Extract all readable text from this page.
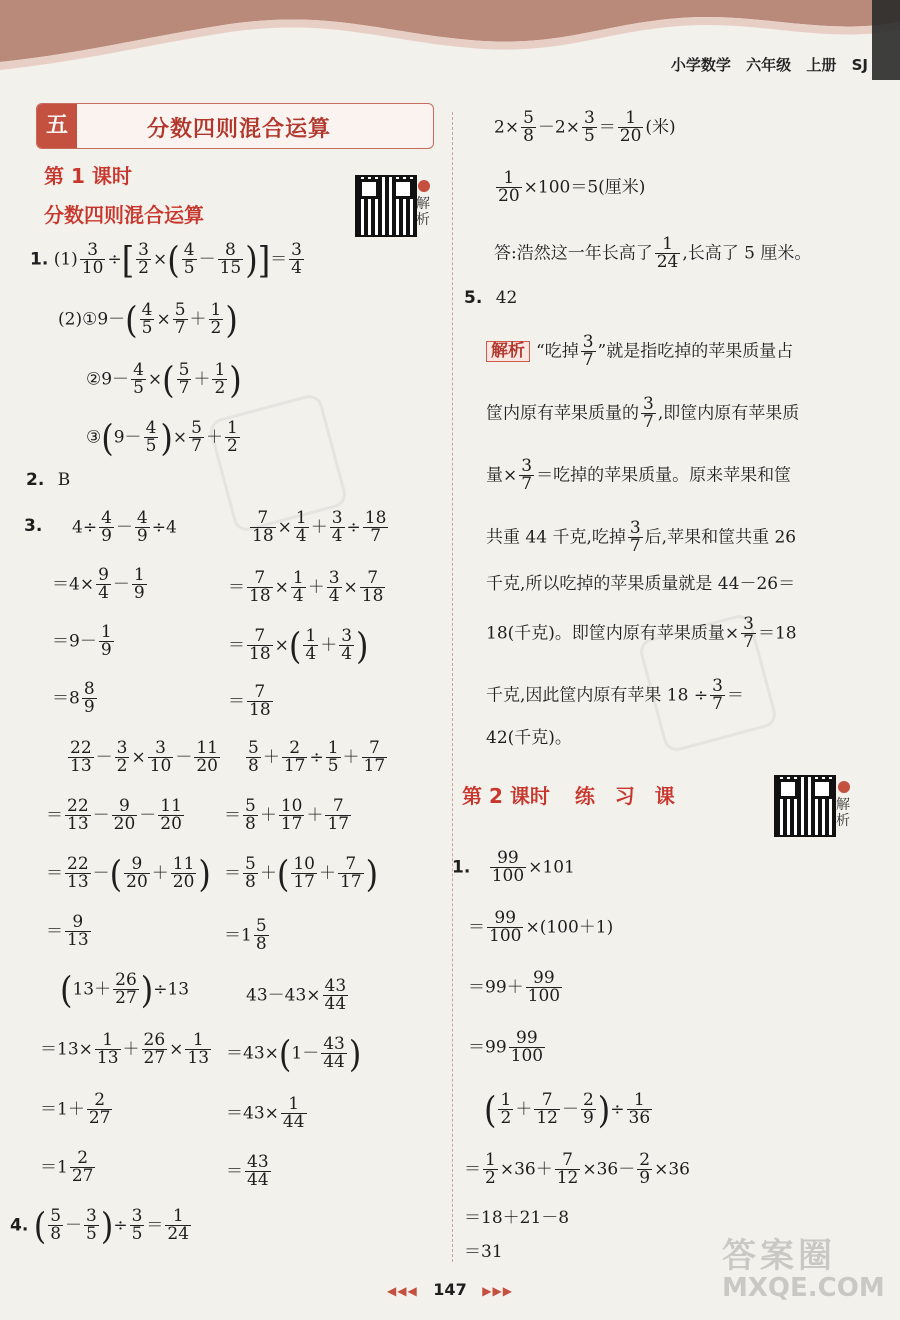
小学数学 六年级 上册 SJ
五	分数四则混合运算
第 1 课时
分数四则混合运算	解析
1. $(1) \frac{3}{10}$ ÷[ $\frac{3}{2}$ ×( $\frac{4}{5} - \frac{8}{15}$ )]＝ $\frac{3}{4}$
(2)①9－( $\frac{4}{5} \times \frac{5}{7} + \frac{1}{2}$ )
②9－ $\frac{4}{5}$ ×( $\frac{5}{7} + \frac{1}{2}$ )
③(9－ $\frac{4}{5}$ )× $\frac{5}{7} + \frac{1}{2}$
2. B
3. $4\div \frac{4}{9} - \frac{4}{9} \div 4$
$=4\times \frac{9}{4} - \frac{1}{9}$
$=9- \frac{1}{9}$
$=8 \frac{8}{9}$
$\frac{7}{18} \times \frac{1}{4} + \frac{3}{4} \div \frac{18}{7}$
＝ $\frac{7}{18} \times \frac{1}{4} + \frac{3}{4} \times \frac{7}{18}$
＝ $\frac{7}{18}$ ×( $\frac{1}{4} + \frac{3}{4}$ )
＝ $\frac{7}{18}$
$\frac{22}{13} - \frac{3}{2} \times \frac{3}{10} - \frac{11}{20}$
＝ $\frac{22}{13} - \frac{9}{20} - \frac{11}{20}$
＝ $\frac{22}{13}$ －( $\frac{9}{20} + \frac{11}{20}$ )
＝ $\frac{9}{13}$
$\frac{5}{8} + \frac{2}{17} \div \frac{1}{5} + \frac{7}{17}$
＝ $\frac{5}{8} + \frac{10}{17} + \frac{7}{17}$
＝ $\frac{5}{8}$ ＋( $\frac{10}{17} + \frac{7}{17}$ )
$=1 \frac{5}{8}$
$(13+ \frac{26}{27} )\div 13$
$=13\times \frac{1}{13} + \frac{26}{27} \times \frac{1}{13}$
$=1+ \frac{2}{27}$
$=1 \frac{2}{27}$
$43-43\times \frac{43}{44}$
$=43\times(1- \frac{43}{44}$ )
$=43\times \frac{1}{44}$
＝ $\frac{43}{44}$
4. ( $\frac{5}{8} - \frac{3}{5}$ )÷ $\frac{3}{5} = \frac{1}{24}$
$2\times \frac{5}{8} -2\times \frac{3}{5} = \frac{1}{20}$ (米)
$\frac{1}{20} \times 100=5$(厘米)
答:浩然这一年长高了 $\frac{1}{24}$ ,长高了 5 厘米。
5. 42
解析 “吃掉 $\frac{3}{7}$ ”就是指吃掉的苹果质量占
筐内原有苹果质量的 $\frac{3}{7}$ ,即筐内原有苹果质
量× $\frac{3}{7}$ ＝吃掉的苹果质量。原来苹果和筐
共重 44 千克,吃掉 $\frac{3}{7}$ 后,苹果和筐共重 26
千克,所以吃掉的苹果质量就是 44－26＝
18(千克)。即筐内原有苹果质量× $\frac{3}{7} =18$
千克,因此筐内原有苹果 $18 \div \frac{3}{7}$ ＝
42(千克)。
第 2 课时 练　习　课	解析
1. $\frac{99}{100} \times 101$
＝ $\frac{99}{100} \times(100+1)$
$=99+ \frac{99}{100}$
$=99 \frac{99}{100}$
( $\frac{1}{2} + \frac{7}{12} - \frac{2}{9}$ )÷ $\frac{1}{36}$
＝ $\frac{1}{2} \times 36+ \frac{7}{12} \times 36- \frac{2}{9} \times 36$
＝18＋21－8
＝31
◀◀◀ 147 ▶▶▶
答案圈
MXQE.COM
